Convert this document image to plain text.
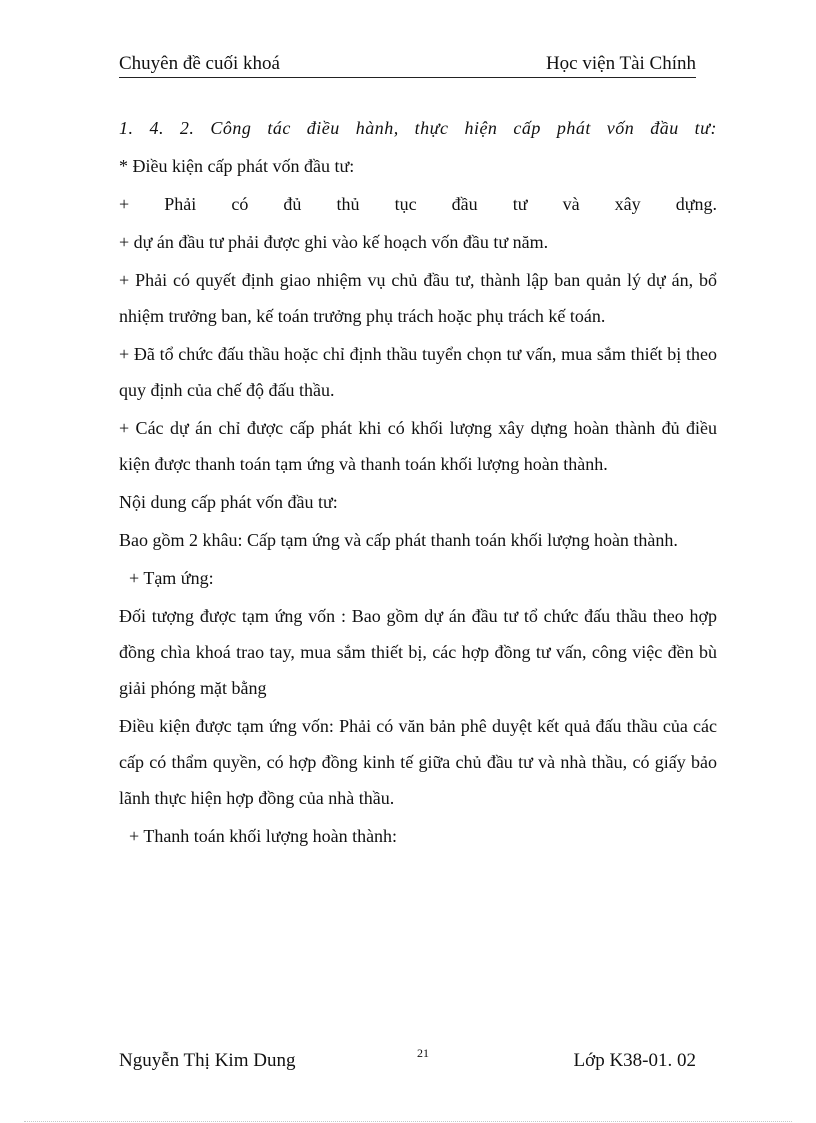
Chuyên đề cuối khoá	Học viện Tài Chính

1. 4. 2. Công tác điều hành, thực hiện cấp phát vốn đầu tư:

* Điều kiện cấp phát vốn đầu tư:

+ Phải có đủ thủ tục đầu tư và xây dựng.

+ dự án đầu tư phải được ghi vào kế hoạch vốn đầu tư năm.

+ Phải có quyết định giao nhiệm vụ chủ đầu tư, thành lập ban quản lý dự án, bổ nhiệm trưởng ban, kế toán trưởng phụ trách hoặc phụ trách kế toán.

+ Đã tổ chức đấu thầu hoặc chỉ định thầu tuyển chọn tư vấn, mua sắm thiết bị theo quy định của chế độ đấu thầu.

+ Các dự án chỉ được cấp phát khi có khối lượng xây dựng hoàn thành đủ điều kiện được thanh toán tạm ứng và thanh toán khối lượng hoàn thành.

Nội dung cấp phát vốn đầu tư:

Bao gồm 2 khâu: Cấp tạm ứng và cấp phát thanh toán khối lượng hoàn thành.

+ Tạm ứng:

Đối tượng được tạm ứng vốn : Bao gồm dự án đầu tư tổ chức đấu thầu theo hợp đồng chìa khoá trao tay, mua sắm thiết bị, các hợp đồng tư vấn, công việc đền bù giải phóng mặt bằng

Điều kiện được tạm ứng vốn: Phải có văn bản phê duyệt kết quả đấu thầu của các cấp có thẩm quyền, có hợp đồng kinh tế giữa chủ đầu tư và nhà thầu, có giấy bảo lãnh thực hiện hợp đồng của nhà thầu.

+ Thanh toán khối lượng hoàn thành:

Nguyễn Thị Kim Dung	21	Lớp K38-01. 02
